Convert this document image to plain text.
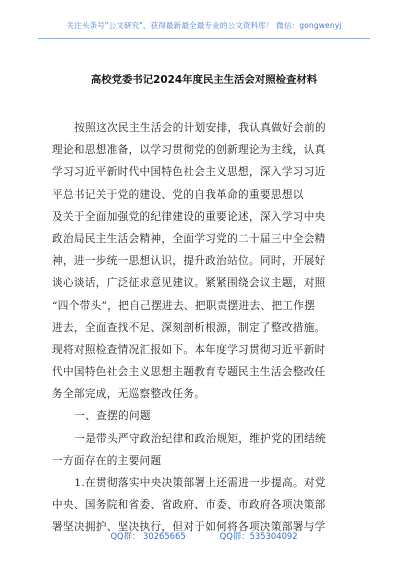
关注头条号"公文研究"，获得最新最全最专业的公文资料库！ 微信：gongwenyj
高校党委书记2024年度民主生活会对照检查材料
按照这次民主生活会的计划安排，我认真做好会前的
理论和思想准备，以学习贯彻党的创新理论为主线，认真
学习习近平新时代中国特色社会主义思想，深入学习习近
平总书记关于党的建设、党的自我革命的重要思想以
及关于全面加强党的纪律建设的重要论述，深入学习中央
政治局民主生活会精神，全面学习党的二十届三中全会精
神，进一步统一思想认识，提升政治站位。同时，开展好
谈心谈话，广泛征求意见建议。紧紧围绕会议主题，对照
“四个带头”，把自己摆进去、把职责摆进去、把工作摆
进去，全面查找不足、深刻剖析根源，制定了整改措施。
现将对照检查情况汇报如下。本年度学习贯彻习近平新时
代中国特色社会主义思想主题教育专题民主生活会整改任
务全部完成，无巡察整改任务。
一、查摆的问题
一是带头严守政治纪律和政治规矩，维护党的团结统
一方面存在的主要问题
1.在贯彻落实中央决策部署上还需进一步提高。对党
中央、国务院和省委、省政府、市委、市政府各项决策部
署坚决拥护、坚决执行，但对于如何将各项决策部署与学
QQ群： 30265665	QQ群：535304092
